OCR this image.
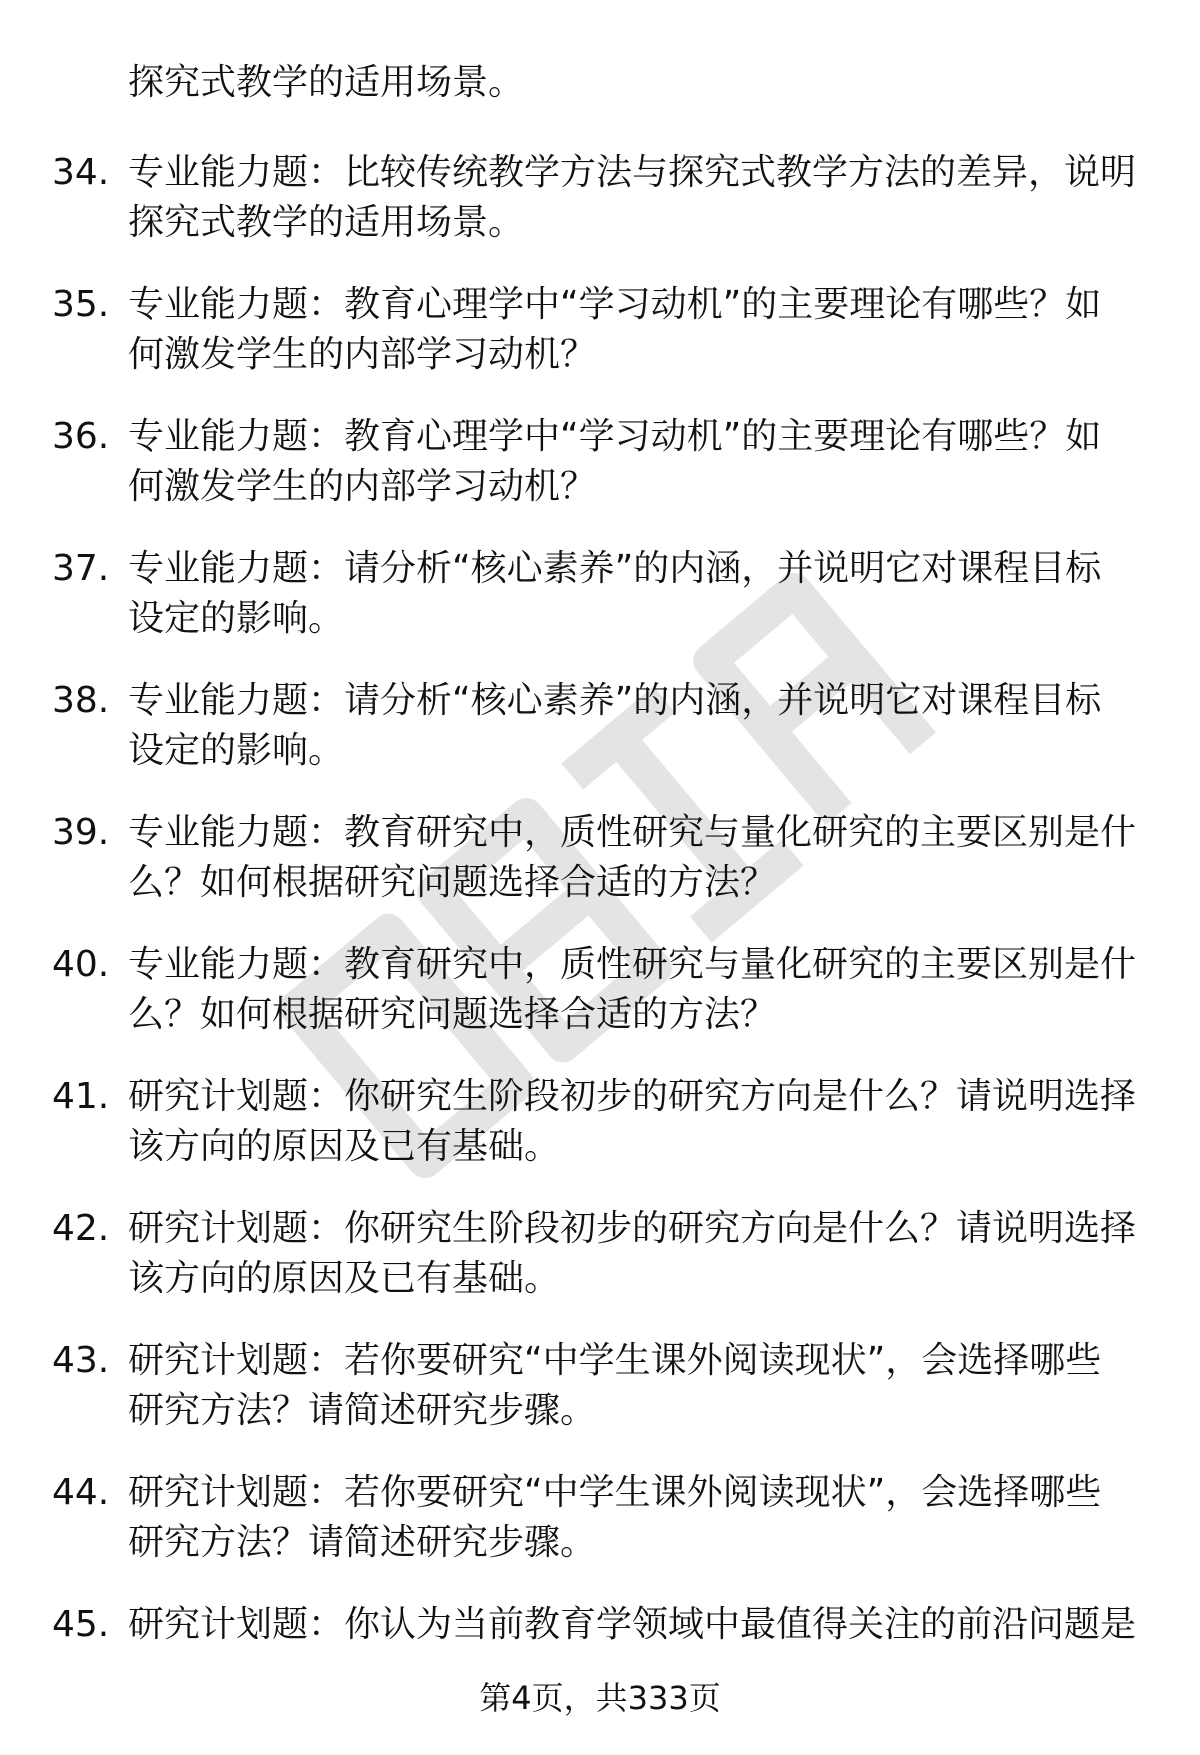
探究式教学的适用场景。
34. 专业能力题：比较传统教学方法与探究式教学方法的差异，说明
探究式教学的适用场景。
35. 专业能力题：教育心理学中“学习动机”的主要理论有哪些？如
何激发学生的内部学习动机？
36. 专业能力题：教育心理学中“学习动机”的主要理论有哪些？如
何激发学生的内部学习动机？
37. 专业能力题：请分析“核心素养”的内涵，并说明它对课程目标
设定的影响。
38. 专业能力题：请分析“核心素养”的内涵，并说明它对课程目标
设定的影响。
39. 专业能力题：教育研究中，质性研究与量化研究的主要区别是什
么？如何根据研究问题选择合适的方法？
40. 专业能力题：教育研究中，质性研究与量化研究的主要区别是什
么？如何根据研究问题选择合适的方法？
41. 研究计划题：你研究生阶段初步的研究方向是什么？请说明选择
该方向的原因及已有基础。
42. 研究计划题：你研究生阶段初步的研究方向是什么？请说明选择
该方向的原因及已有基础。
43. 研究计划题：若你要研究“中学生课外阅读现状”，会选择哪些
研究方法？请简述研究步骤。
44. 研究计划题：若你要研究“中学生课外阅读现状”，会选择哪些
研究方法？请简述研究步骤。
45. 研究计划题：你认为当前教育学领域中最值得关注的前沿问题是
第4页，共333页
